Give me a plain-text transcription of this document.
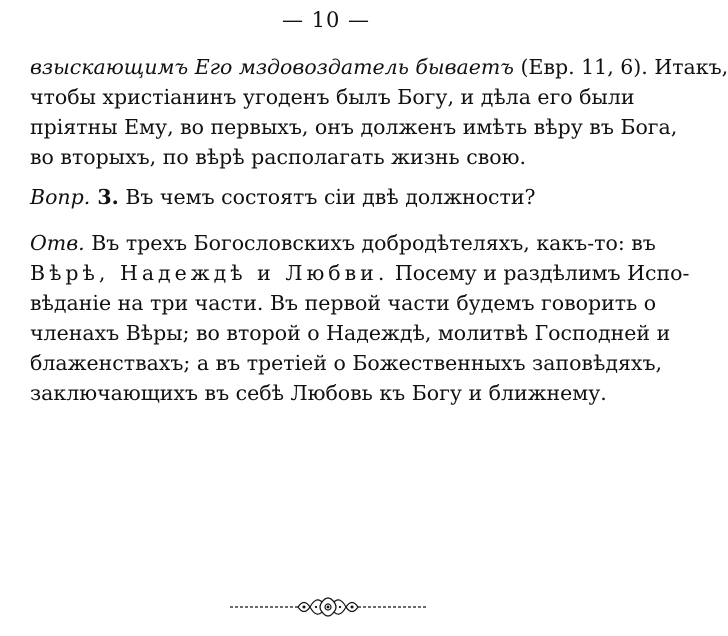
— 10 —
взыскающимъ Его мздовоздатель бываетъ (Евр. 11, 6). Итакъ,
чтобы христіанинъ угоденъ былъ Богу, и дѣла его были
пріятны Ему, во первыхъ, онъ долженъ имѣть вѣру въ Бога,
во вторыхъ, по вѣрѣ располагать жизнь свою.
Вопр. 3. Въ чемъ состоятъ сіи двѣ должности?
Отв. Въ трехъ Богословскихъ добродѣтеляхъ, какъ-то: въ
Вѣрѣ, Надеждѣ и Любви. Посему и раздѣлимъ Испо-
вѣданіе на три части. Въ первой части будемъ говорить о
членахъ Вѣры; во второй о Надеждѣ, молитвѣ Господней и
блаженствахъ; а въ третіей о Божественныхъ заповѣдяхъ,
заключающихъ въ себѣ Любовь къ Богу и ближнему.
